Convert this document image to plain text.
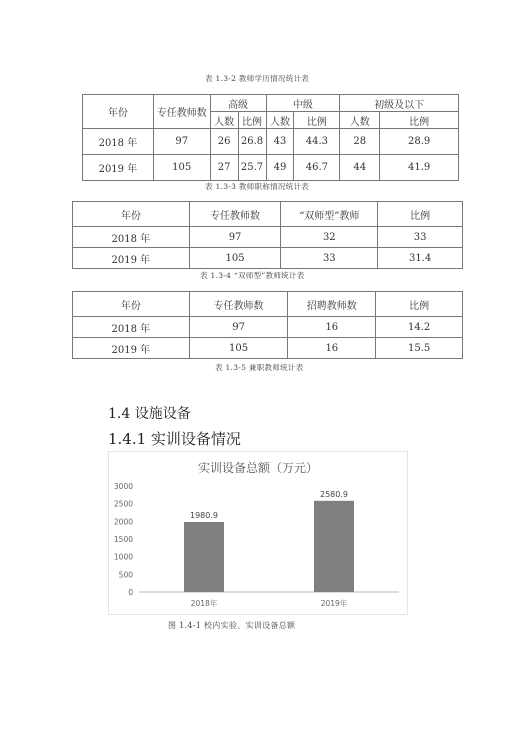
表 1.3-2 教师学历情况统计表
年份	专任教师数	高级		中级		初级及以下	
		人数	比例	人数	比例	人数	比例
2018 年	97	26	26.8	43	44.3	28	28.9
2019 年	105	27	25.7	49	46.7	44	41.9
表 1.3-3 教师职称情况统计表
年份	专任教师数	“双师型”教师	比例
2018 年	97	32	33
2019 年	105	33	31.4
表 1.3-4 “双师型”教师统计表
年份	专任教师数	招聘教师数	比例
2018 年	97	16	14.2
2019 年	105	16	15.5
表 1.3-5 兼职教师统计表
1.4 设施设备
1.4.1 实训设备情况
实训设备总额（万元）
3000
2500
2000
1500
1000
500
0
1980.9
2018年
2580.9
2019年
图 1.4-1 校内实验、实训设备总额
